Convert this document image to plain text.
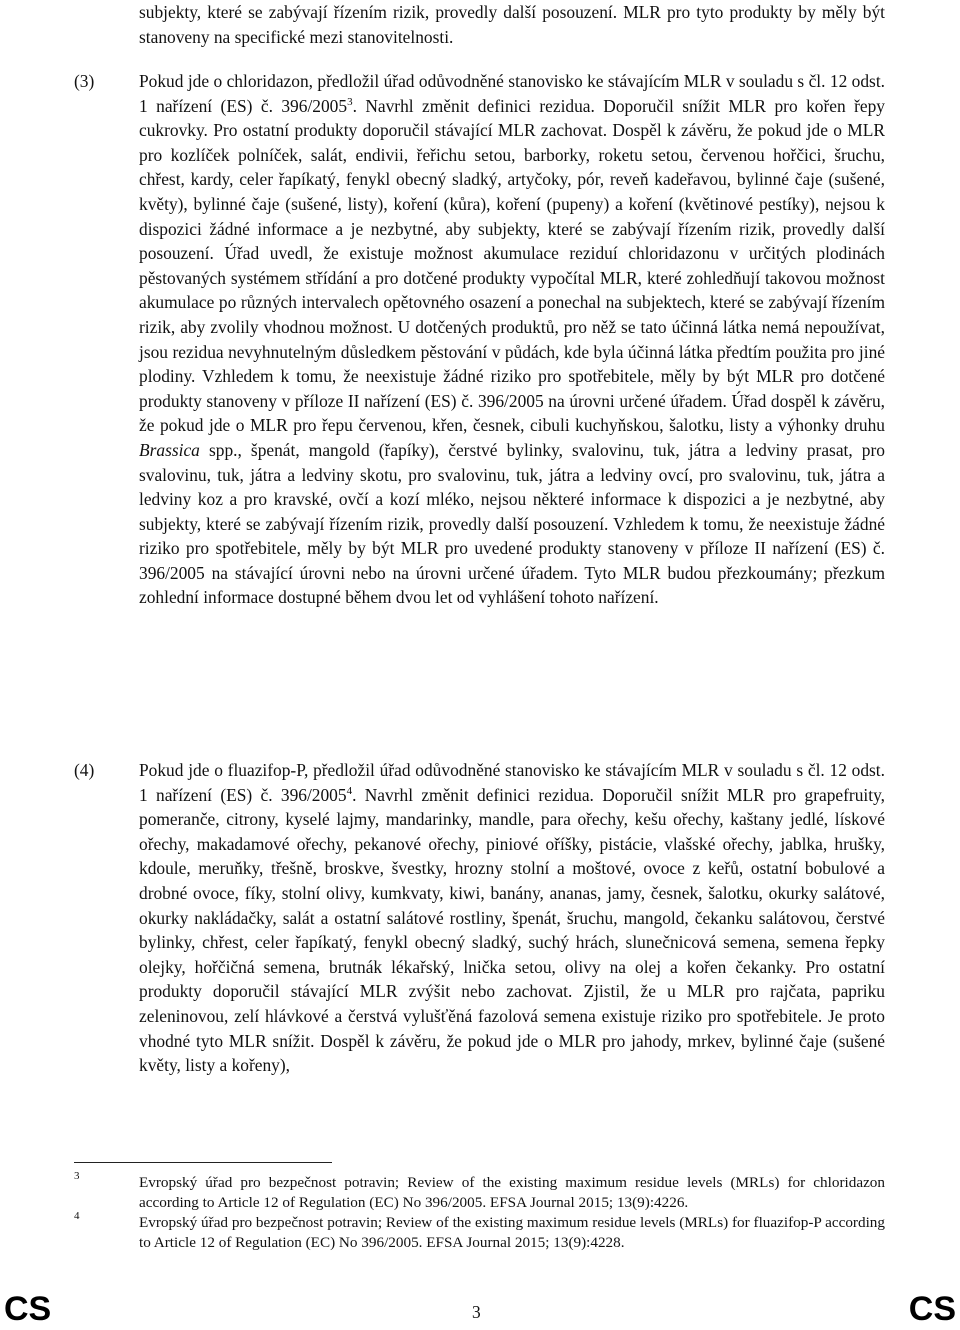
subjekty, které se zabývají řízením rizik, provedly další posouzení. MLR pro tyto produkty by měly být stanoveny na specifické mezi stanovitelnosti.
(3)	Pokud jde o chloridazon, předložil úřad odůvodněné stanovisko ke stávajícím MLR v souladu s čl. 12 odst. 1 nařízení (ES) č. 396/2005$^3$. Navrhl změnit definici rezidua. Doporučil snížit MLR pro kořen řepy cukrovky. Pro ostatní produkty doporučil stávající MLR zachovat. Dospěl k závěru, že pokud jde o MLR pro kozlíček polníček, salát, endivii, řeřichu setou, barborky, roketu setou, červenou hořčici, šruchu, chřest, kardy, celer řapíkatý, fenykl obecný sladký, artyčoky, pór, reveň kadeřavou, bylinné čaje (sušené, květy), bylinné čaje (sušené, listy), koření (kůra), koření (pupeny) a koření (květinové pestíky), nejsou k dispozici žádné informace a je nezbytné, aby subjekty, které se zabývají řízením rizik, provedly další posouzení. Úřad uvedl, že existuje možnost akumulace reziduí chloridazonu v určitých plodinách pěstovaných systémem střídání a pro dotčené produkty vypočítal MLR, které zohledňují takovou možnost akumulace po různých intervalech opětovného osazení a ponechal na subjektech, které se zabývají řízením rizik, aby zvolily vhodnou možnost. U dotčených produktů, pro něž se tato účinná látka nemá nepoužívat, jsou rezidua nevyhnutelným důsledkem pěstování v půdách, kde byla účinná látka předtím použita pro jiné plodiny. Vzhledem k tomu, že neexistuje žádné riziko pro spotřebitele, měly by být MLR pro dotčené produkty stanoveny v příloze II nařízení (ES) č. 396/2005 na úrovni určené úřadem. Úřad dospěl k závěru, že pokud jde o MLR pro řepu červenou, křen, česnek, cibuli kuchyňskou, šalotku, listy a výhonky druhu Brassica spp., špenát, mangold (řapíky), čerstvé bylinky, svalovinu, tuk, játra a ledviny prasat, pro svalovinu, tuk, játra a ledviny skotu, pro svalovinu, tuk, játra a ledviny ovcí, pro svalovinu, tuk, játra a ledviny koz a pro kravské, ovčí a kozí mléko, nejsou některé informace k dispozici a je nezbytné, aby subjekty, které se zabývají řízením rizik, provedly další posouzení. Vzhledem k tomu, že neexistuje žádné riziko pro spotřebitele, měly by být MLR pro uvedené produkty stanoveny v příloze II nařízení (ES) č. 396/2005 na stávající úrovni nebo na úrovni určené úřadem. Tyto MLR budou přezkoumány; přezkum zohlední informace dostupné během dvou let od vyhlášení tohoto nařízení.
(4)	Pokud jde o fluazifop-P, předložil úřad odůvodněné stanovisko ke stávajícím MLR v souladu s čl. 12 odst. 1 nařízení (ES) č. 396/2005$^4$. Navrhl změnit definici rezidua. Doporučil snížit MLR pro grapefruity, pomeranče, citrony, kyselé lajmy, mandarinky, mandle, para ořechy, kešu ořechy, kaštany jedlé, lískové ořechy, makadamové ořechy, pekanové ořechy, piniové oříšky, pistácie, vlašské ořechy, jablka, hrušky, kdoule, meruňky, třešně, broskve, švestky, hrozny stolní a moštové, ovoce z keřů, ostatní bobulové a drobné ovoce, fíky, stolní olivy, kumkvaty, kiwi, banány, ananas, jamy, česnek, šalotku, okurky salátové, okurky nakládačky, salát a ostatní salátové rostliny, špenát, šruchu, mangold, čekanku salátovou, čerstvé bylinky, chřest, celer řapíkatý, fenykl obecný sladký, suchý hrách, slunečnicová semena, semena řepky olejky, hořčičná semena, brutnák lékařský, lnička setou, olivy na olej a kořen čekanky. Pro ostatní produkty doporučil stávající MLR zvýšit nebo zachovat. Zjistil, že u MLR pro rajčata, papriku zeleninovou, zelí hlávkové a čerstvá vylušťěná fazolová semena existuje riziko pro spotřebitele. Je proto vhodné tyto MLR snížit. Dospěl k závěru, že pokud jde o MLR pro jahody, mrkev, bylinné čaje (sušené květy, listy a kořeny),
3	Evropský úřad pro bezpečnost potravin; Review of the existing maximum residue levels (MRLs) for chloridazon according to Article 12 of Regulation (EC) No 396/2005. EFSA Journal 2015; 13(9):4226.
4	Evropský úřad pro bezpečnost potravin; Review of the existing maximum residue levels (MRLs) for fluazifop-P according to Article 12 of Regulation (EC) No 396/2005. EFSA Journal 2015; 13(9):4228.
CS	3	CS
